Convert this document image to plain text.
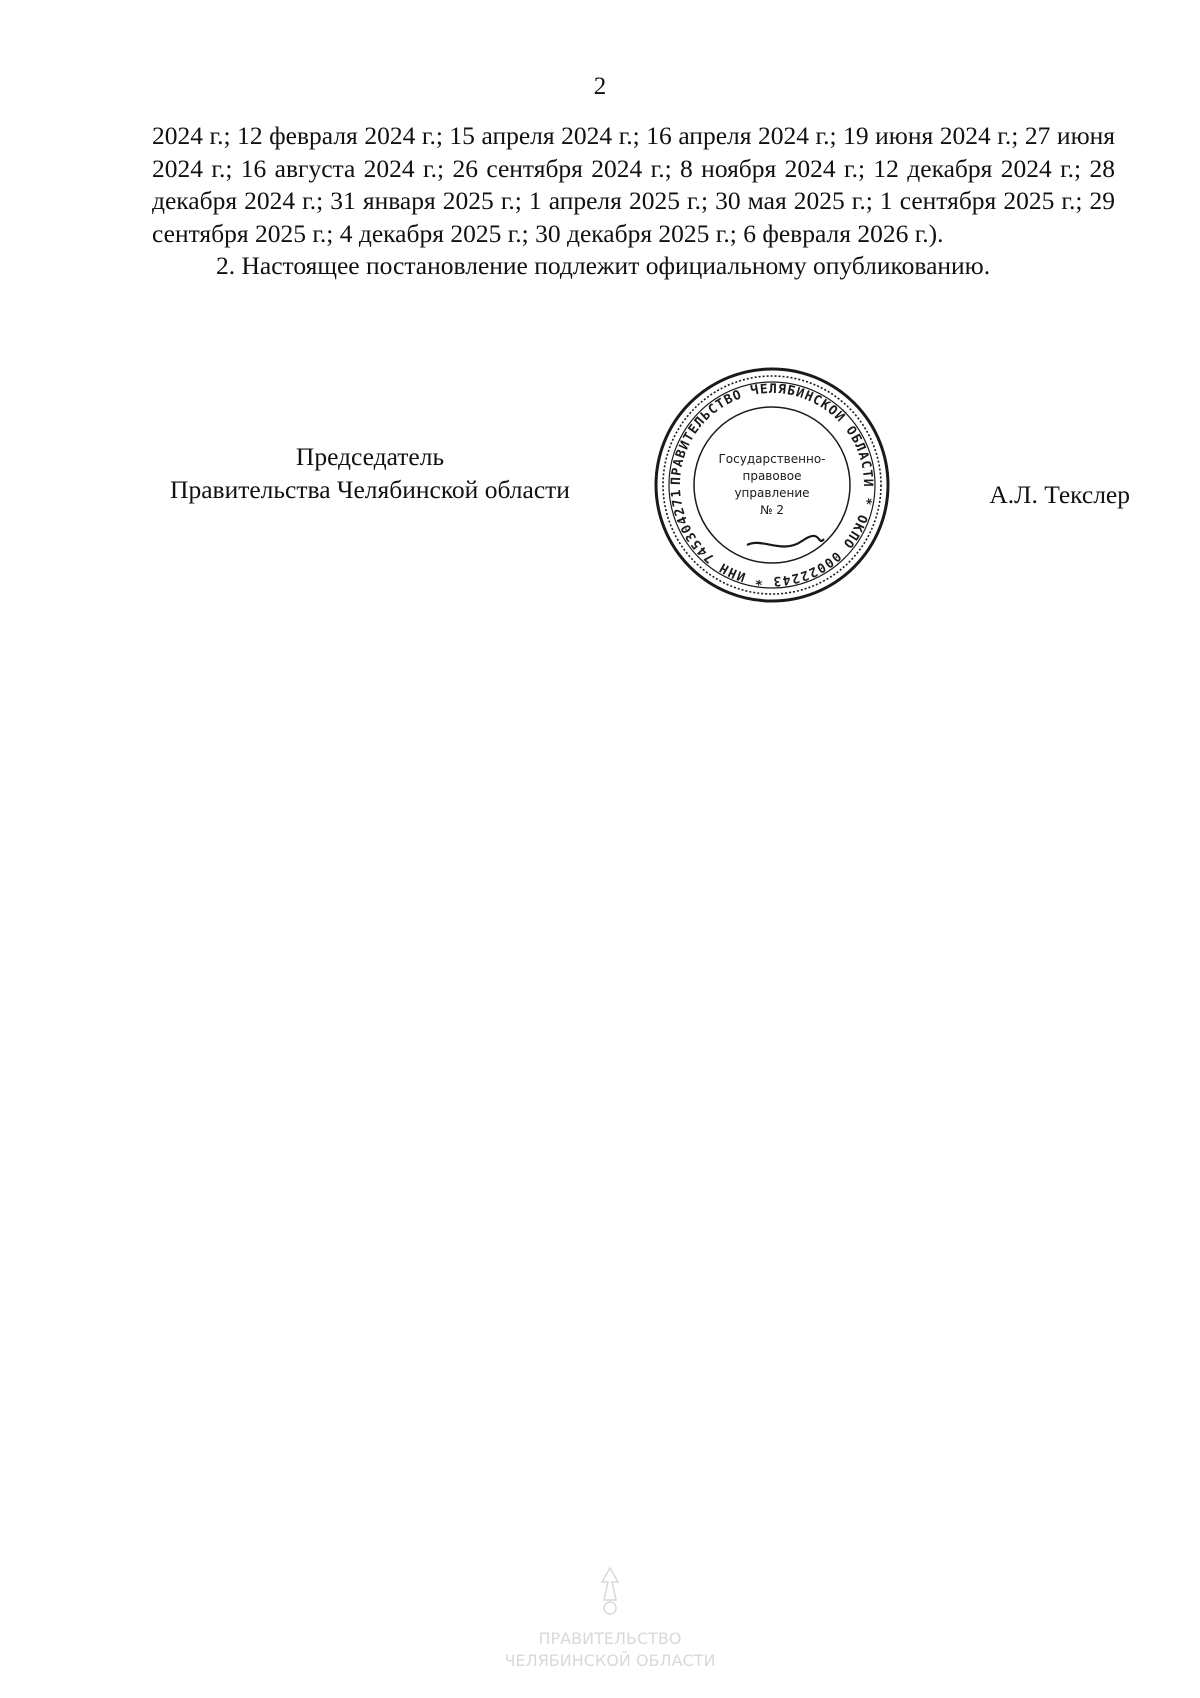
2

2024 г.; 12 февраля 2024 г.; 15 апреля 2024 г.; 16 апреля 2024 г.; 19 июня 2024 г.; 27 июня 2024 г.; 16 августа 2024 г.; 26 сентября 2024 г.; 8 ноября 2024 г.; 12 декабря 2024 г.; 28 декабря 2024 г.; 31 января 2025 г.; 1 апреля 2025 г.; 30 мая 2025 г.; 1 сентября 2025 г.; 29 сентября 2025 г.; 4 декабря 2025 г.; 30 декабря 2025 г.; 6 февраля 2026 г.).

2. Настоящее постановление подлежит официальному опубликованию.

Председатель
Правительства Челябинской области	А.Л. Текслер
ПРАВИТЕЛЬСТВО ЧЕЛЯБИНСКОЙ ОБЛАСТИ * ОКПО 00022243 * ИНН 745304271
Государственно-
правовое
управление
№ 2
ПРАВИТЕЛЬСТВО
ЧЕЛЯБИНСКОЙ ОБЛАСТИ
